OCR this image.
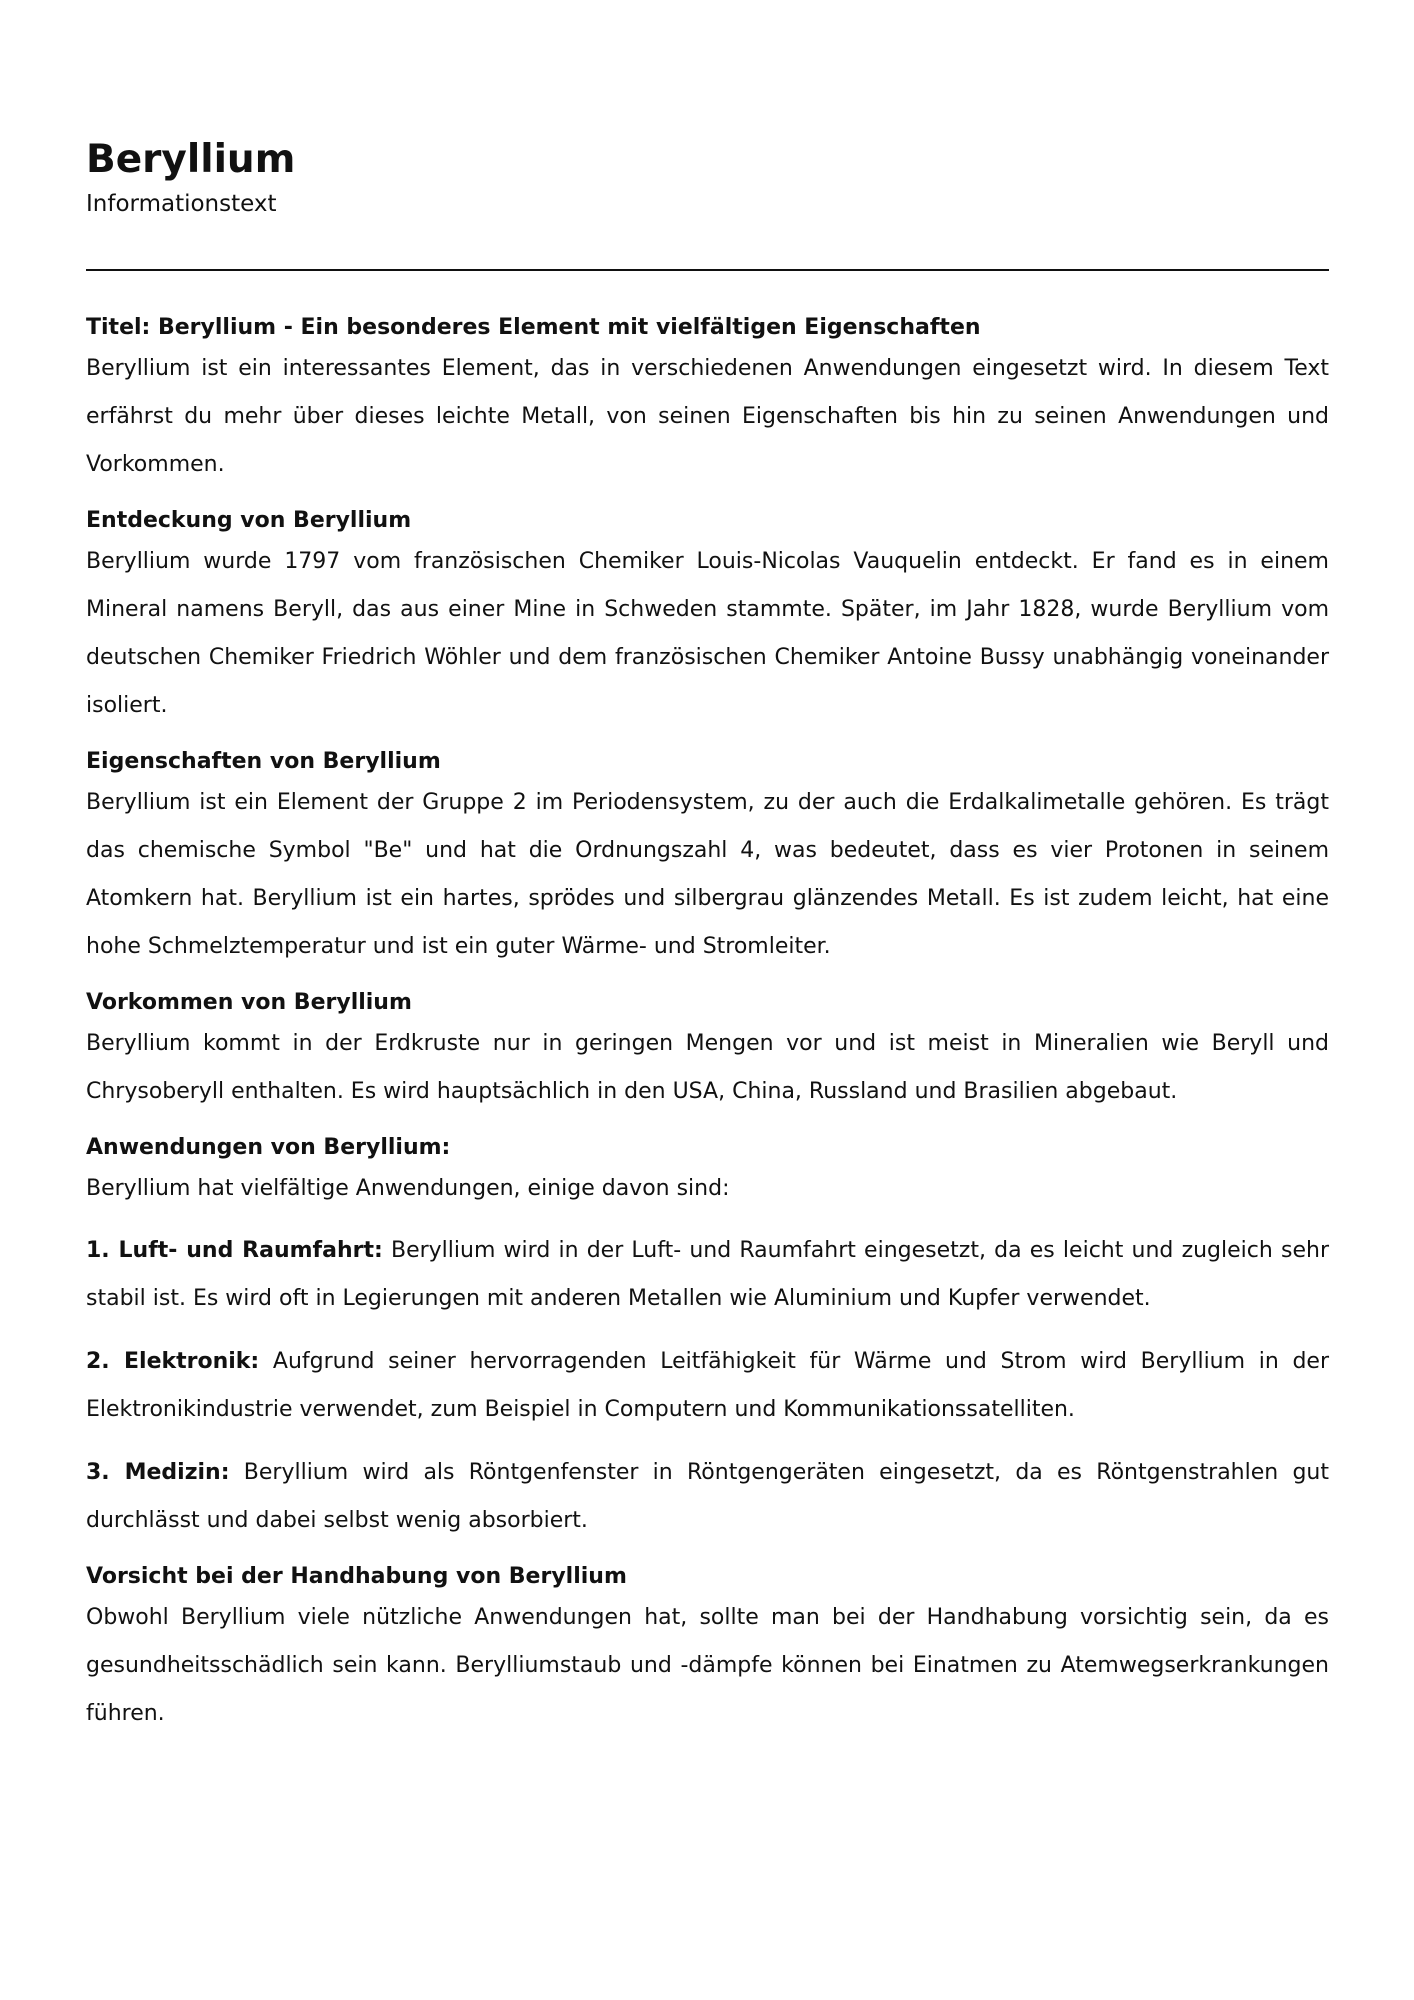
Beryllium

Informationstext

Titel: Beryllium - Ein besonderes Element mit vielfältigen Eigenschaften

Beryllium ist ein interessantes Element, das in verschiedenen Anwendungen eingesetzt wird. In diesem Text erfährst du mehr über dieses leichte Metall, von seinen Eigenschaften bis hin zu seinen Anwendungen und Vorkommen.

Entdeckung von Beryllium

Beryllium wurde 1797 vom französischen Chemiker Louis-Nicolas Vauquelin entdeckt. Er fand es in einem Mineral namens Beryll, das aus einer Mine in Schweden stammte. Später, im Jahr 1828, wurde Beryllium vom deutschen Chemiker Friedrich Wöhler und dem französischen Chemiker Antoine Bussy unabhängig voneinander isoliert.

Eigenschaften von Beryllium

Beryllium ist ein Element der Gruppe 2 im Periodensystem, zu der auch die Erdalkalimetalle gehören. Es trägt das chemische Symbol "Be" und hat die Ordnungszahl 4, was bedeutet, dass es vier Protonen in seinem Atomkern hat. Beryllium ist ein hartes, sprödes und silbergrau glänzendes Metall. Es ist zudem leicht, hat eine hohe Schmelztemperatur und ist ein guter Wärme- und Stromleiter.

Vorkommen von Beryllium

Beryllium kommt in der Erdkruste nur in geringen Mengen vor und ist meist in Mineralien wie Beryll und Chrysoberyll enthalten. Es wird hauptsächlich in den USA, China, Russland und Brasilien abgebaut.

Anwendungen von Beryllium:

Beryllium hat vielfältige Anwendungen, einige davon sind:

1. Luft- und Raumfahrt: Beryllium wird in der Luft- und Raumfahrt eingesetzt, da es leicht und zugleich sehr stabil ist. Es wird oft in Legierungen mit anderen Metallen wie Aluminium und Kupfer verwendet.

2. Elektronik: Aufgrund seiner hervorragenden Leitfähigkeit für Wärme und Strom wird Beryllium in der Elektronikindustrie verwendet, zum Beispiel in Computern und Kommunikationssatelliten.

3. Medizin: Beryllium wird als Röntgenfenster in Röntgengeräten eingesetzt, da es Röntgenstrahlen gut durchlässt und dabei selbst wenig absorbiert.

Vorsicht bei der Handhabung von Beryllium

Obwohl Beryllium viele nützliche Anwendungen hat, sollte man bei der Handhabung vorsichtig sein, da es gesundheitsschädlich sein kann. Berylliumstaub und -dämpfe können bei Einatmen zu Atemwegserkrankungen führen.
